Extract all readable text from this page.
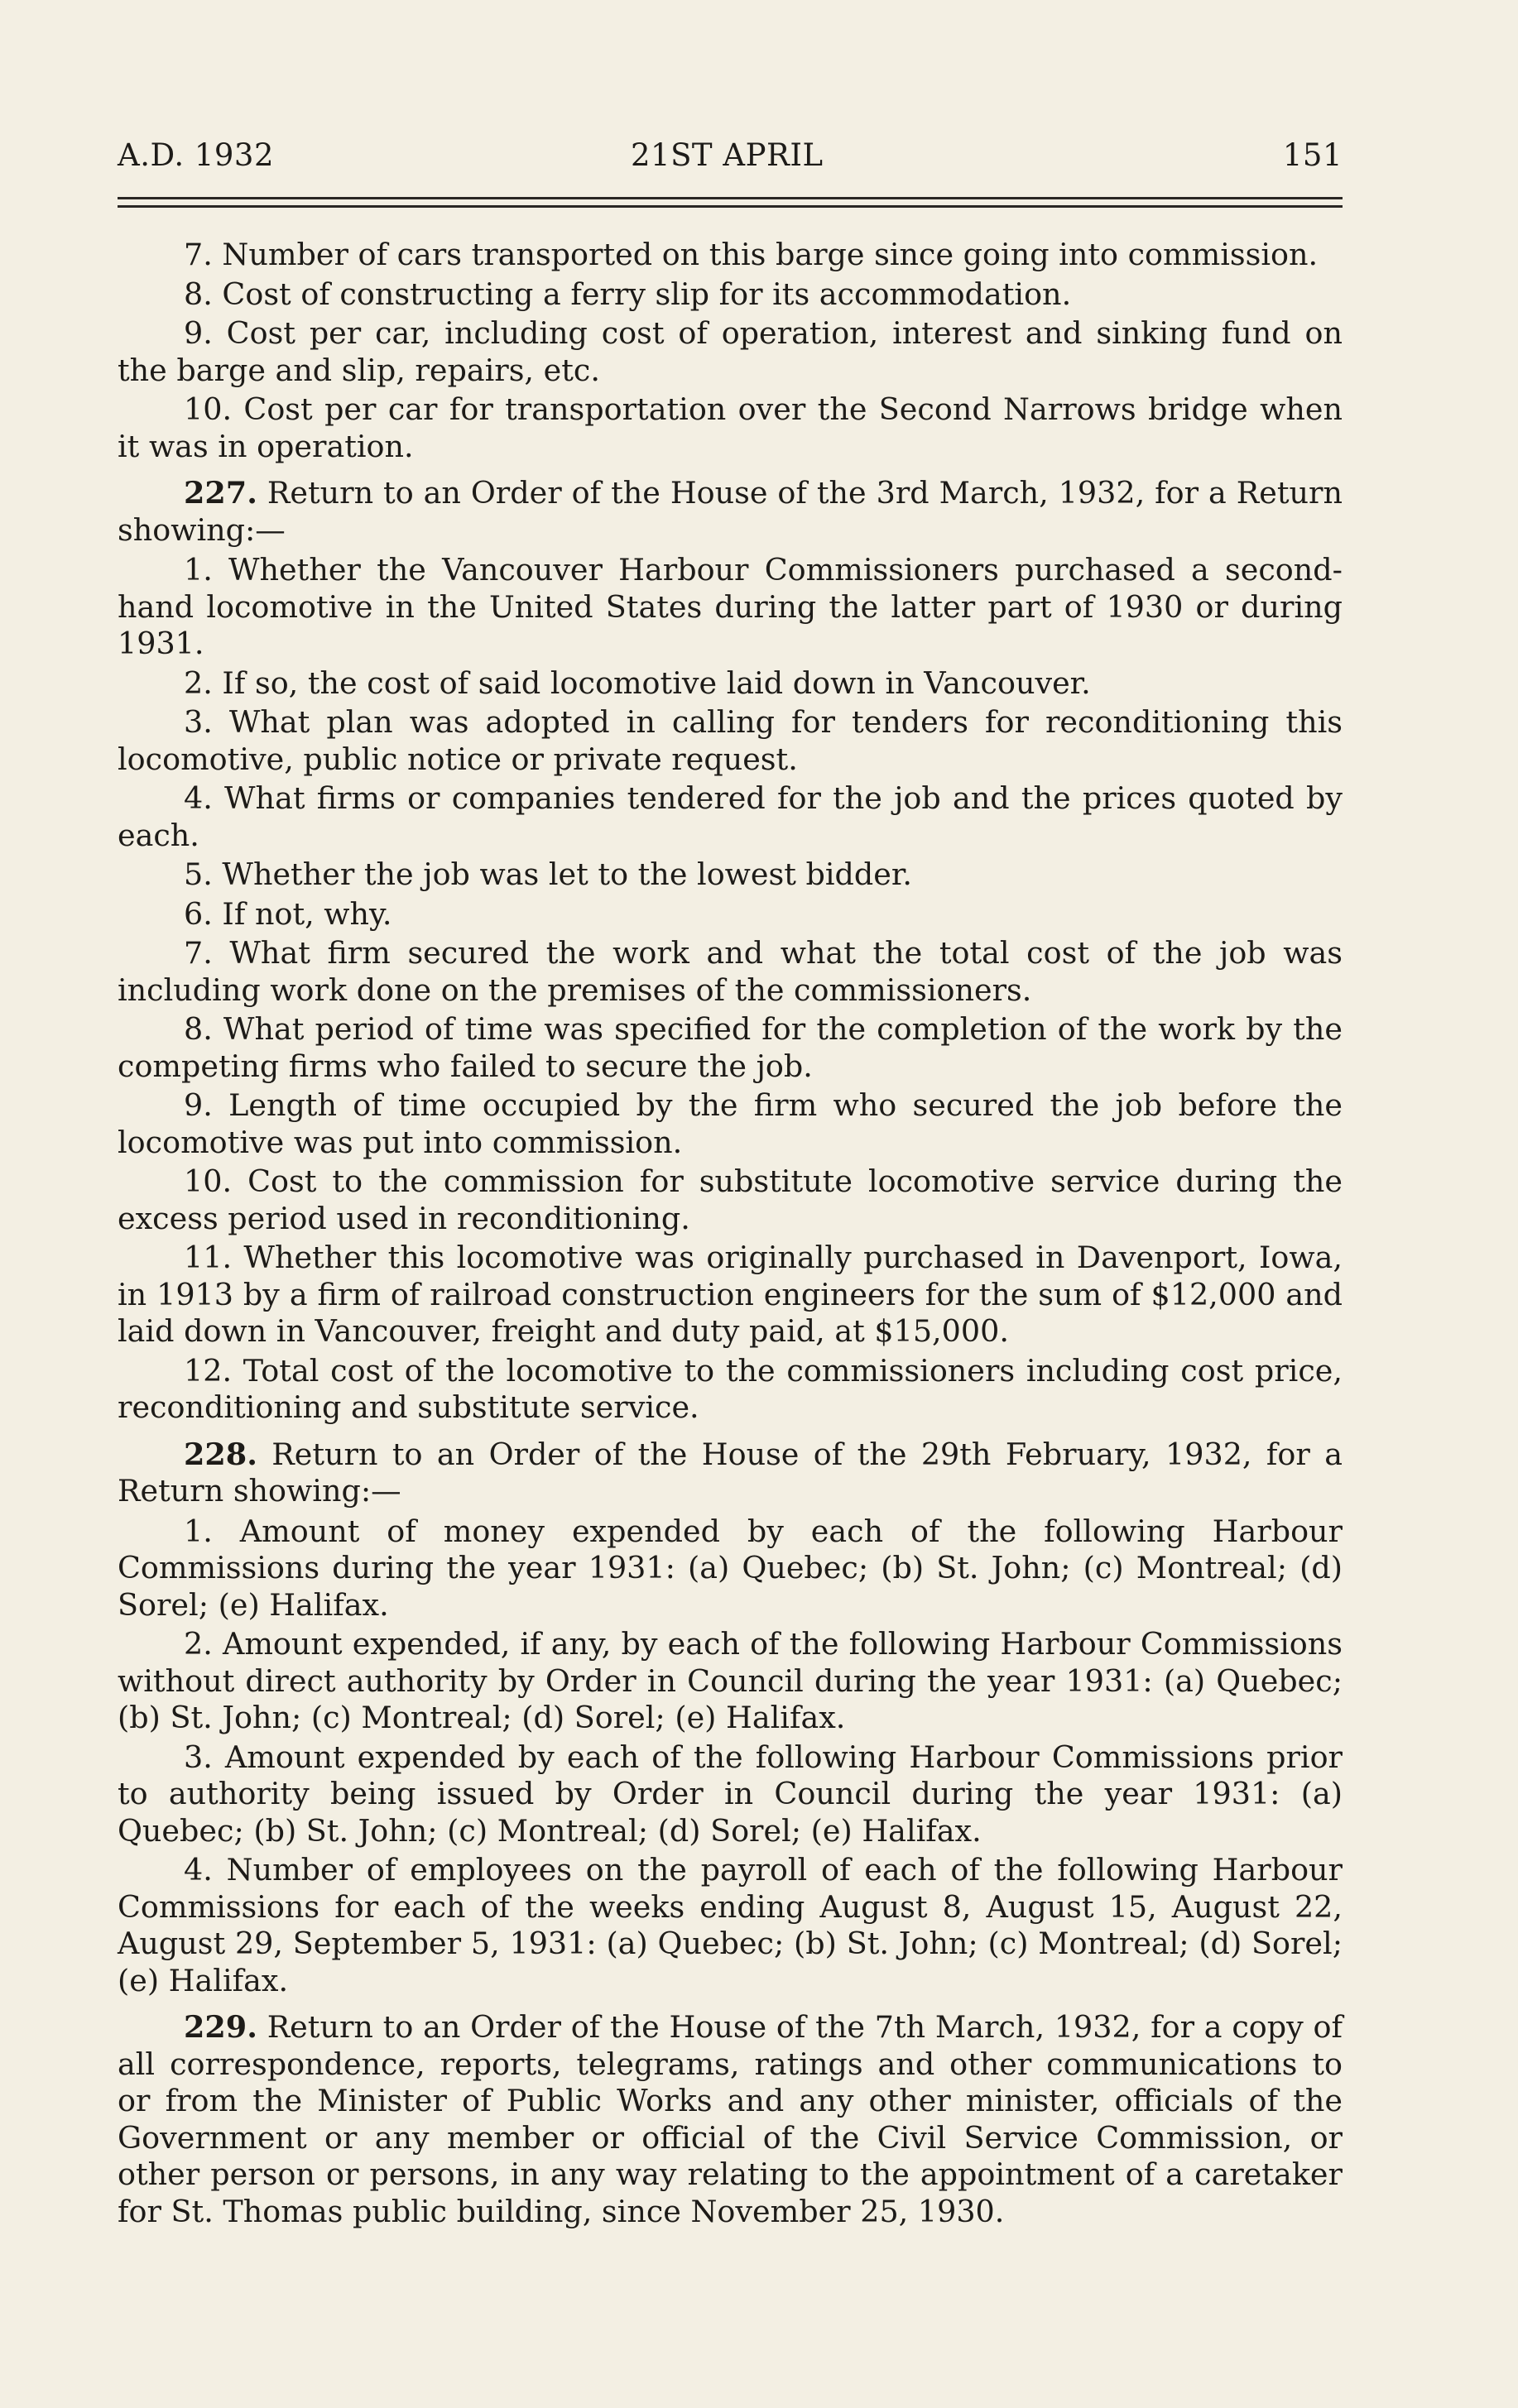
A.D. 1932	21ST APRIL	151

7. Number of cars transported on this barge since going into commission.

8. Cost of constructing a ferry slip for its accommodation.

9. Cost per car, including cost of operation, interest and sinking fund on the barge and slip, repairs, etc.

10. Cost per car for transportation over the Second Narrows bridge when it was in operation.

227. Return to an Order of the House of the 3rd March, 1932, for a Return showing:—

1. Whether the Vancouver Harbour Commissioners purchased a second-hand locomotive in the United States during the latter part of 1930 or during 1931.

2. If so, the cost of said locomotive laid down in Vancouver.

3. What plan was adopted in calling for tenders for reconditioning this locomotive, public notice or private request.

4. What firms or companies tendered for the job and the prices quoted by each.

5. Whether the job was let to the lowest bidder.

6. If not, why.

7. What firm secured the work and what the total cost of the job was including work done on the premises of the commissioners.

8. What period of time was specified for the completion of the work by the competing firms who failed to secure the job.

9. Length of time occupied by the firm who secured the job before the locomotive was put into commission.

10. Cost to the commission for substitute locomotive service during the excess period used in reconditioning.

11. Whether this locomotive was originally purchased in Davenport, Iowa, in 1913 by a firm of railroad construction engineers for the sum of $12,000 and laid down in Vancouver, freight and duty paid, at $15,000.

12. Total cost of the locomotive to the commissioners including cost price, reconditioning and substitute service.

228. Return to an Order of the House of the 29th February, 1932, for a Return showing:—

1. Amount of money expended by each of the following Harbour Commissions during the year 1931: (a) Quebec; (b) St. John; (c) Montreal; (d) Sorel; (e) Halifax.

2. Amount expended, if any, by each of the following Harbour Commissions without direct authority by Order in Council during the year 1931: (a) Quebec; (b) St. John; (c) Montreal; (d) Sorel; (e) Halifax.

3. Amount expended by each of the following Harbour Commissions prior to authority being issued by Order in Council during the year 1931: (a) Quebec; (b) St. John; (c) Montreal; (d) Sorel; (e) Halifax.

4. Number of employees on the payroll of each of the following Harbour Commissions for each of the weeks ending August 8, August 15, August 22, August 29, September 5, 1931: (a) Quebec; (b) St. John; (c) Montreal; (d) Sorel; (e) Halifax.

229. Return to an Order of the House of the 7th March, 1932, for a copy of all correspondence, reports, telegrams, ratings and other communications to or from the Minister of Public Works and any other minister, officials of the Government or any member or official of the Civil Service Commission, or other person or persons, in any way relating to the appointment of a caretaker for St. Thomas public building, since November 25, 1930.
